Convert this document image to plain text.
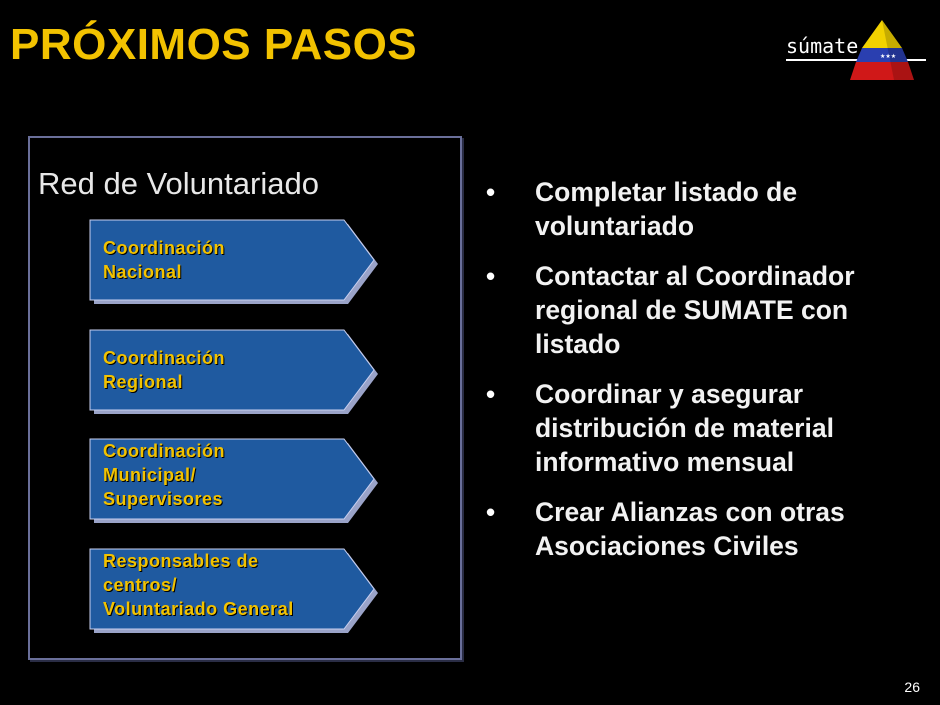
PRÓXIMOS PASOS	súmate	★★★
Red de Voluntariado
Coordinación
Nacional
Coordinación
Regional
Coordinación
Municipal/
Supervisores
Responsables de
centros/
Voluntariado General
• Completar listado de voluntariado
• Contactar al Coordinador regional de SUMATE con listado
• Coordinar y asegurar distribución de material informativo mensual
• Crear Alianzas con otras Asociaciones Civiles
26
